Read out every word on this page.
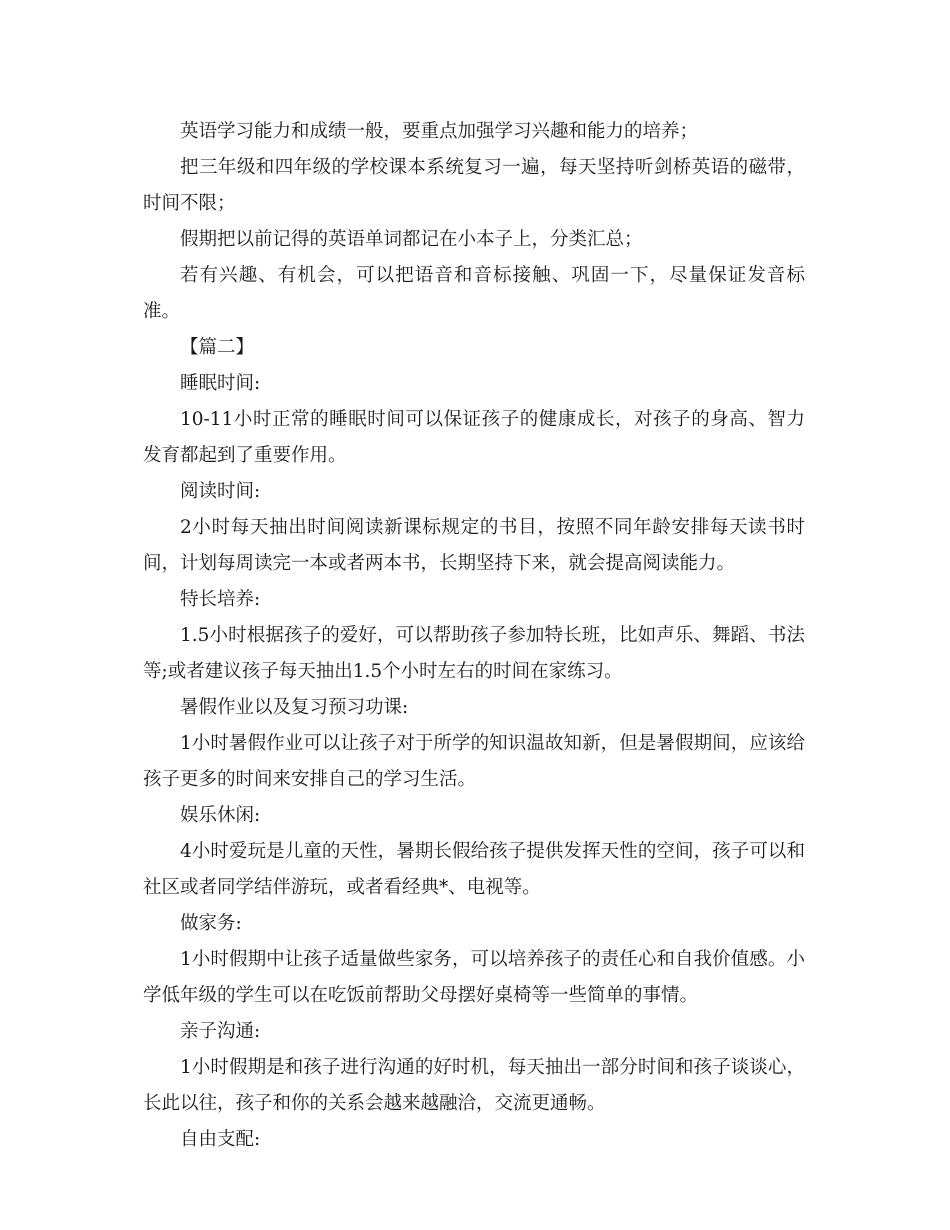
英语学习能力和成绩一般，要重点加强学习兴趣和能力的培养；

把三年级和四年级的学校课本系统复习一遍，每天坚持听剑桥英语的磁带，时间不限；

假期把以前记得的英语单词都记在小本子上，分类汇总；

若有兴趣、有机会，可以把语音和音标接触、巩固一下，尽量保证发音标准。

【篇二】

睡眠时间:

10-11小时正常的睡眠时间可以保证孩子的健康成长，对孩子的身高、智力发育都起到了重要作用。

阅读时间:

2小时每天抽出时间阅读新课标规定的书目，按照不同年龄安排每天读书时间，计划每周读完一本或者两本书，长期坚持下来，就会提高阅读能力。

特长培养:

1.5小时根据孩子的爱好，可以帮助孩子参加特长班，比如声乐、舞蹈、书法等;或者建议孩子每天抽出1.5个小时左右的时间在家练习。

暑假作业以及复习预习功课:

1小时暑假作业可以让孩子对于所学的知识温故知新，但是暑假期间，应该给孩子更多的时间来安排自己的学习生活。

娱乐休闲:

4小时爱玩是儿童的天性，暑期长假给孩子提供发挥天性的空间，孩子可以和社区或者同学结伴游玩，或者看经典*、电视等。

做家务:

1小时假期中让孩子适量做些家务，可以培养孩子的责任心和自我价值感。小学低年级的学生可以在吃饭前帮助父母摆好桌椅等一些简单的事情。

亲子沟通:

1小时假期是和孩子进行沟通的好时机，每天抽出一部分时间和孩子谈谈心，长此以往，孩子和你的关系会越来越融洽，交流更通畅。

自由支配:
